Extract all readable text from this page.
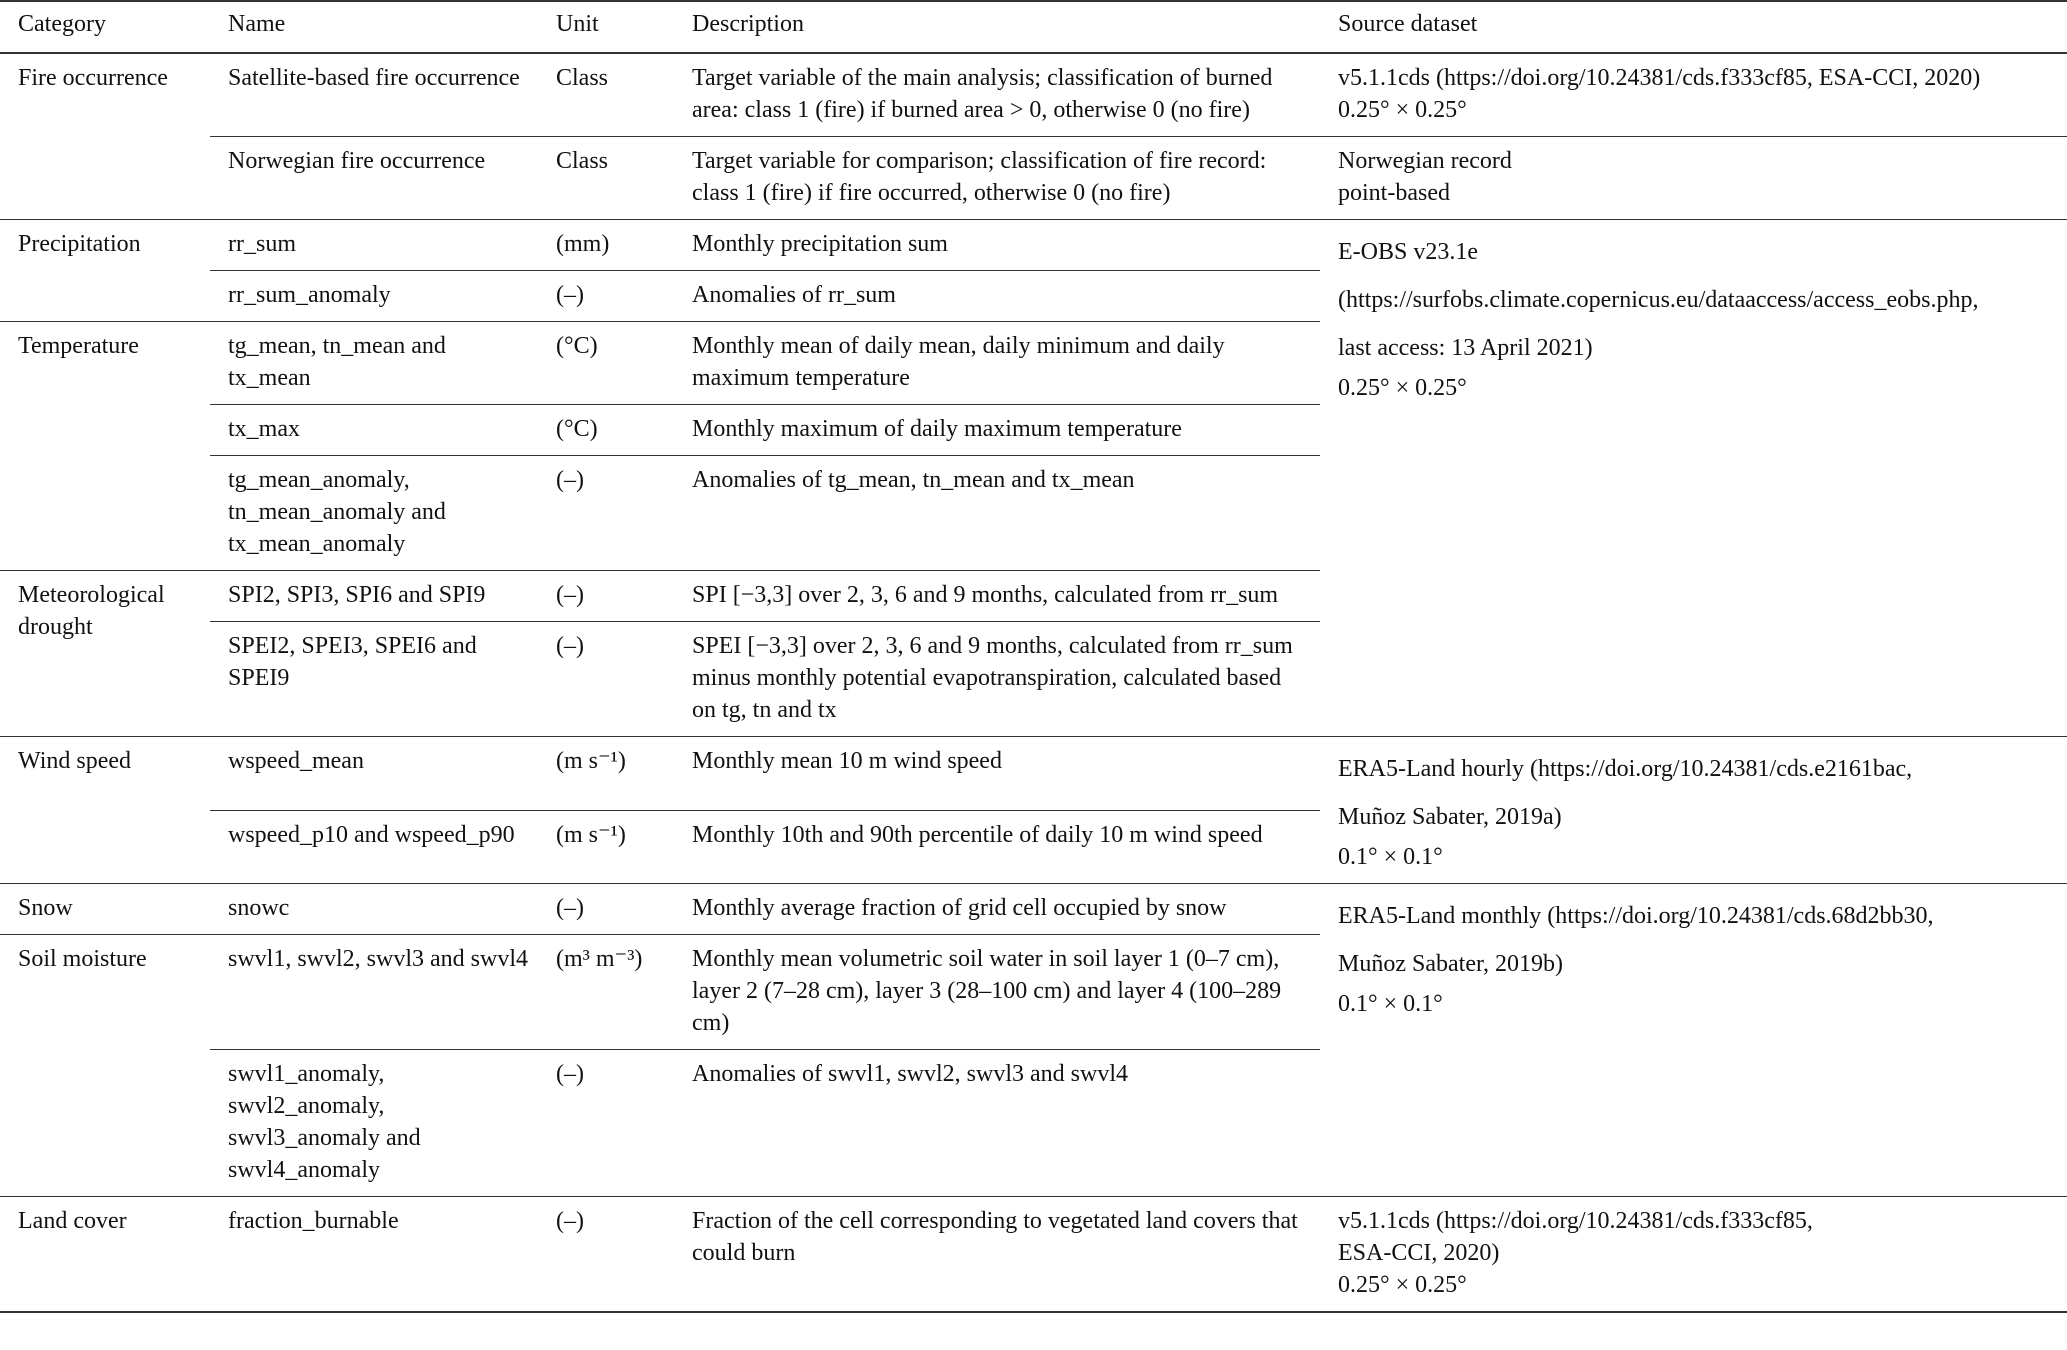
Category	Name	Unit	Description	Source dataset
Fire occurrence	Satellite-based fire occurrence	Class	Target variable of the main analysis; classification of burned area: class 1 (fire) if burned area > 0, otherwise 0 (no fire)	v5.1.1cds (https://doi.org/10.24381/cds.f333cf85, ESA-CCI, 2020)
0.25° × 0.25°

	Norwegian fire occurrence	Class	Target variable for comparison; classification of fire record: class 1 (fire) if fire occurred, otherwise 0 (no fire)	Norwegian record
point-based

Precipitation	rr_sum	(mm)	Monthly precipitation sum	E-OBS v23.1e
(https://surfobs.climate.copernicus.eu/dataaccess/access_eobs.php,
last access: 13 April 2021)
0.25° × 0.25°

	rr_sum_anomaly	(–)	Anomalies of rr_sum	
Temperature	tg_mean, tn_mean and tx_mean	(°C)	Monthly mean of daily mean, daily minimum and daily maximum temperature	
	tx_max	(°C)	Monthly maximum of daily maximum temperature	
	tg_mean_anomaly, tn_mean_anomaly and tx_mean_anomaly	(–)	Anomalies of tg_mean, tn_mean and tx_mean	
Meteorological drought	SPI2, SPI3, SPI6 and SPI9	(–)	SPI [−3,3] over 2, 3, 6 and 9 months, calculated from rr_sum	
	SPEI2, SPEI3, SPEI6 and SPEI9	(–)	SPEI [−3,3] over 2, 3, 6 and 9 months, calculated from rr_sum minus monthly potential evapotranspiration, calculated based on tg, tn and tx	
Wind speed	wspeed_mean	(m s⁻¹)	Monthly mean 10 m wind speed	ERA5-Land hourly (https://doi.org/10.24381/cds.e2161bac,
Muñoz Sabater, 2019a)
0.1° × 0.1°

	wspeed_p10 and wspeed_p90	(m s⁻¹)	Monthly 10th and 90th percentile of daily 10 m wind speed	
Snow	snowc	(–)	Monthly average fraction of grid cell occupied by snow	ERA5-Land monthly (https://doi.org/10.24381/cds.68d2bb30,
Muñoz Sabater, 2019b)
0.1° × 0.1°

Soil moisture	swvl1, swvl2, swvl3 and swvl4	(m³ m⁻³)	Monthly mean volumetric soil water in soil layer 1 (0–7 cm), layer 2 (7–28 cm), layer 3 (28–100 cm) and layer 4 (100–289 cm)	
	swvl1_anomaly, swvl2_anomaly, swvl3_anomaly and swvl4_anomaly	(–)	Anomalies of swvl1, swvl2, swvl3 and swvl4	
Land cover	fraction_burnable	(–)	Fraction of the cell corresponding to vegetated land covers that could burn	v5.1.1cds (https://doi.org/10.24381/cds.f333cf85,
ESA-CCI, 2020)
0.25° × 0.25°
